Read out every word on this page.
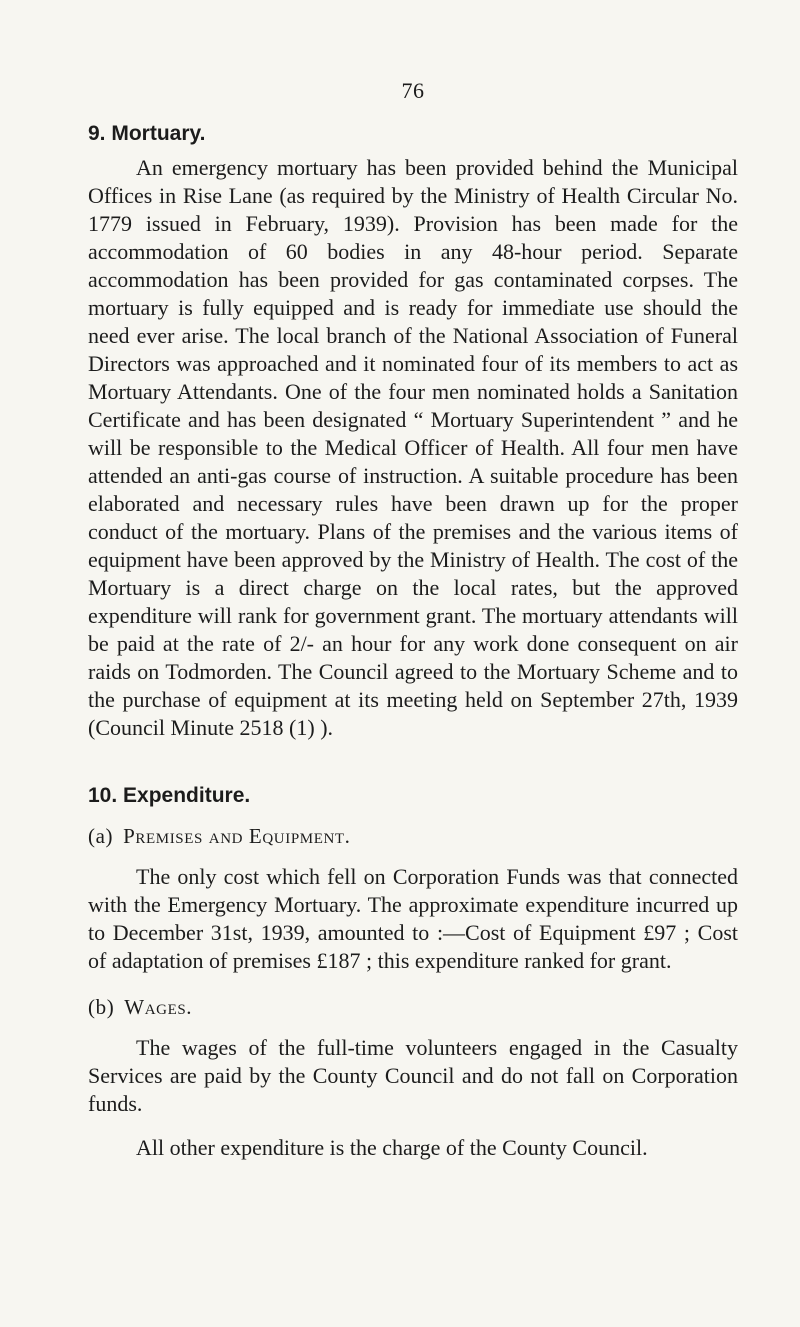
76
9. Mortuary.

An emergency mortuary has been provided behind the Municipal Offices in Rise Lane (as required by the Ministry of Health Circular No. 1779 issued in February, 1939). Provision has been made for the accommodation of 60 bodies in any 48-hour period. Separate accommodation has been provided for gas contaminated corpses. The mortuary is fully equipped and is ready for immediate use should the need ever arise. The local branch of the National Association of Funeral Directors was approached and it nominated four of its members to act as Mortuary Attendants. One of the four men nominated holds a Sanitation Certificate and has been designated “ Mortuary Superintendent ” and he will be responsible to the Medical Officer of Health. All four men have attended an anti-gas course of instruction. A suitable procedure has been elaborated and necessary rules have been drawn up for the proper conduct of the mortuary. Plans of the premises and the various items of equipment have been approved by the Ministry of Health. The cost of the Mortuary is a direct charge on the local rates, but the approved expenditure will rank for government grant. The mortuary attendants will be paid at the rate of 2/- an hour for any work done consequent on air raids on Todmorden. The Council agreed to the Mortuary Scheme and to the purchase of equipment at its meeting held on September 27th, 1939 (Council Minute 2518 (1) ).

10. Expenditure.
(a) Premises and Equipment.

The only cost which fell on Corporation Funds was that connected with the Emergency Mortuary. The approximate expenditure incurred up to December 31st, 1939, amounted to :—Cost of Equipment £97 ; Cost of adaptation of premises £187 ; this expenditure ranked for grant.

(b) Wages.

The wages of the full-time volunteers engaged in the Casualty Services are paid by the County Council and do not fall on Corporation funds.

All other expenditure is the charge of the County Council.
